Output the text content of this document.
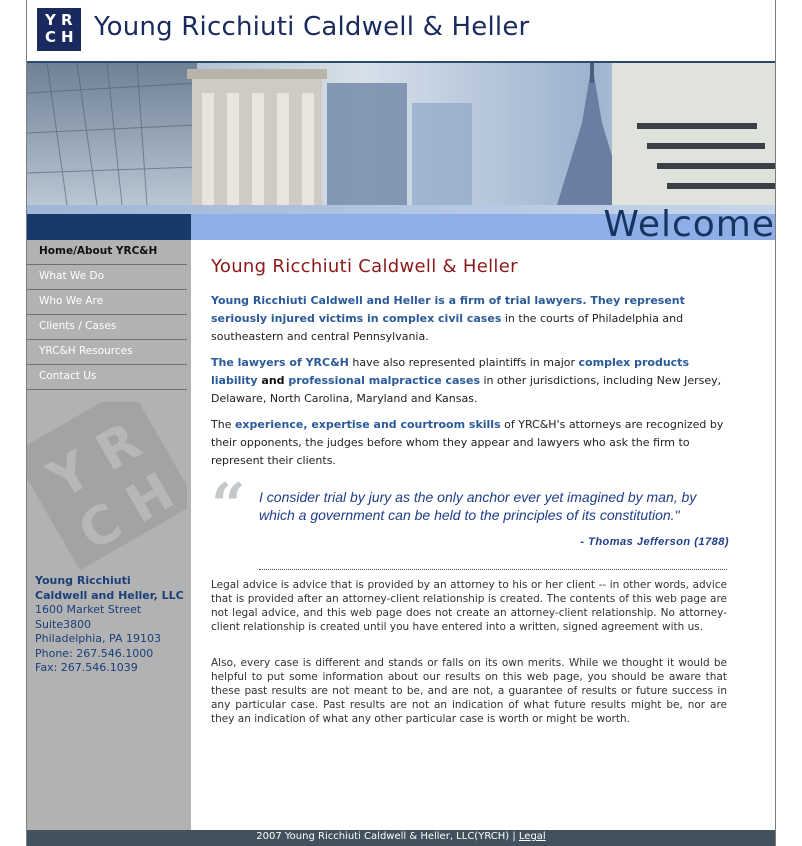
Y R
C H Young Ricchiuti Caldwell & Heller
Welcome
Home/About YRC&H
What We Do
Who We Are
Clients / Cases
YRC&H Resources
Contact Us
Y
R
C
H
Young Ricchiuti
Caldwell and Heller, LLC
1600 Market Street
Suite3800
Philadelphia, PA 19103
Phone: 267.546.1000
Fax: 267.546.1039
Young Ricchiuti Caldwell & Heller
Young Ricchiuti Caldwell and Heller is a firm of trial lawyers. They represent seriously injured victims in complex civil cases in the courts of Philadelphia and southeastern and central Pennsylvania.
The lawyers of YRC&H have also represented plaintiffs in major complex products liability and professional malpractice cases in other jurisdictions, including New Jersey, Delaware, North Carolina, Maryland and Kansas.
The experience, expertise and courtroom skills of YRC&H's attorneys are recognized by their opponents, the judges before whom they appear and lawyers who ask the firm to represent their clients.
“ I consider trial by jury as the only anchor ever yet imagined by man, by which a government can be held to the principles of its constitution."
- Thomas Jefferson (1788)
Legal advice is advice that is provided by an attorney to his or her client -- in other words, advice that is provided after an attorney-client relationship is created. The contents of this web page are not legal advice, and this web page does not create an attorney-client relationship. No attorney-client relationship is created until you have entered into a written, signed agreement with us.
Also, every case is different and stands or falls on its own merits. While we thought it would be helpful to put some information about our results on this web page, you should be aware that these past results are not meant to be, and are not, a guarantee of results or future success in any particular case. Past results are not an indication of what future results might be, nor are they an indication of what any other particular case is worth or might be worth.
2007 Young Ricchiuti Caldwell & Heller, LLC(YRCH) | Legal
